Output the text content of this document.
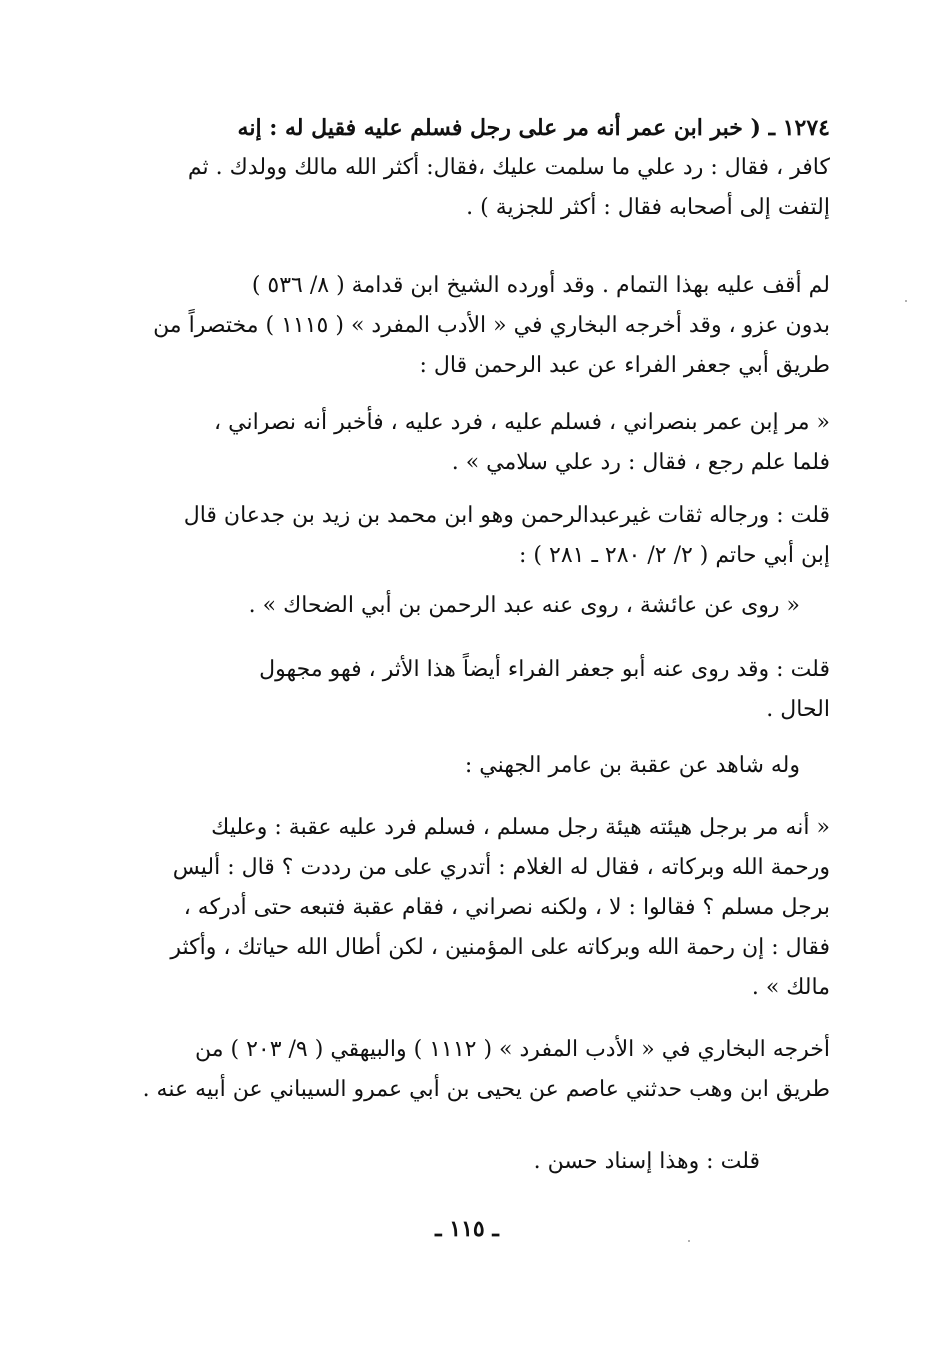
١٢٧٤ ـ ( خبر ابن عمر أنه مر على رجل فسلم عليه فقيل له : إنه
كافر ، فقال : رد علي ما سلمت عليك ،فقال: أكثر الله مالك وولدك . ثم
إلتفت إلى أصحابه فقال : أكثر للجزية ) .
لم أقف عليه بهذا التمام . وقد أورده الشيخ ابن قدامة ( ٨/ ٥٣٦ )
بدون عزو ، وقد أخرجه البخاري في « الأدب المفرد » ( ١١١٥ ) مختصراً من
طريق أبي جعفر الفراء عن عبد الرحمن قال :
« مر إبن عمر بنصراني ، فسلم عليه ، فرد عليه ، فأخبر أنه نصراني ،
فلما علم رجع ، فقال : رد علي سلامي » .
قلت : ورجاله ثقات غيرعبدالرحمن وهو ابن محمد بن زيد بن جدعان قال
إبن أبي حاتم ( ٢/ ٢/ ٢٨٠ ـ ٢٨١ ) :
« روى عن عائشة ، روى عنه عبد الرحمن بن أبي الضحاك » .
قلت : وقد روى عنه أبو جعفر الفراء أيضاً هذا الأثر ، فهو مجهول
الحال .
وله شاهد عن عقبة بن عامر الجهني :
« أنه مر برجل هيئته هيئة رجل مسلم ، فسلم فرد عليه عقبة : وعليك
ورحمة الله وبركاته ، فقال له الغلام : أتدري على من رددت ؟ قال : أليس
برجل مسلم ؟ فقالوا : لا ، ولكنه نصراني ، فقام عقبة فتبعه حتى أدركه ،
فقال : إن رحمة الله وبركاته على المؤمنين ، لكن أطال الله حياتك ، وأكثر
مالك » .
أخرجه البخاري في « الأدب المفرد » ( ١١١٢ ) والبيهقي ( ٩/ ٢٠٣ ) من
طريق ابن وهب حدثني عاصم عن يحيى بن أبي عمرو السيباني عن أبيه عنه .
قلت : وهذا إسناد حسن .
ـ ١١٥ ـ
